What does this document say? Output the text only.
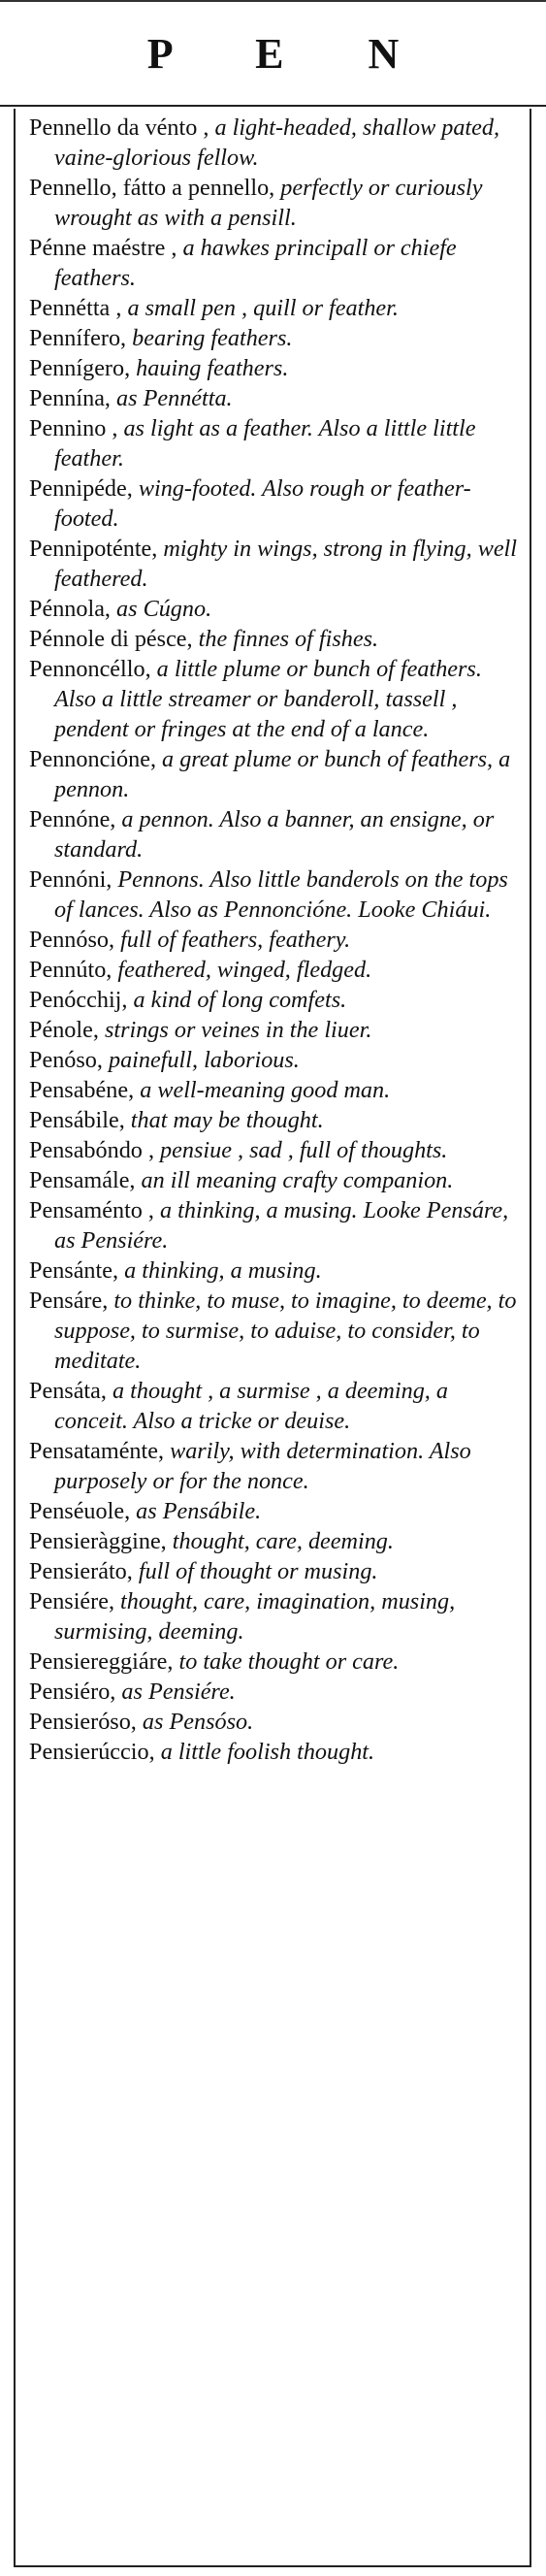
P E N

Pennello da vénto , a light-headed, shallow pated, vaine-glorious fellow.

Pennello, fátto a pennello, perfectly or curiously wrought as with a pensill.

Pénne maéstre , a hawkes principall or chiefe feathers.

Pennétta , a small pen , quill or feather.

Pennífero, bearing feathers.

Pennígero, hauing feathers.

Pennína, as Pennétta.

Pennino , as light as a feather. Also a little little feather.

Pennipéde, wing-footed. Also rough or feather-footed.

Pennipoténte, mighty in wings, strong in flying, well feathered.

Pénnola, as Cúgno.

Pénnole di pésce, the finnes of fishes.

Pennoncéllo, a little plume or bunch of feathers. Also a little streamer or banderoll, tassell , pendent or fringes at the end of a lance.

Pennoncióne, a great plume or bunch of feathers, a pennon.

Pennóne, a pennon. Also a banner, an ensigne, or standard.

Pennóni, Pennons. Also little banderols on the tops of lances. Also as Pennoncióne. Looke Chiáui.

Pennóso, full of feathers, feathery.

Pennúto, feathered, winged, fledged.

Penócchij, a kind of long comfets.

Pénole, strings or veines in the liuer.

Penóso, painefull, laborious.

Pensabéne, a well-meaning good man.

Pensábile, that may be thought.

Pensabóndo , pensiue , sad , full of thoughts.

Pensamále, an ill meaning crafty companion.

Pensaménto , a thinking, a musing. Looke Pensáre, as Pensiére.

Pensánte, a thinking, a musing.

Pensáre, to thinke, to muse, to imagine, to deeme, to suppose, to surmise, to aduise, to consider, to meditate.

Pensáta, a thought , a surmise , a deeming, a conceit. Also a tricke or deuise.

Pensataménte, warily, with determination. Also purposely or for the nonce.

Penséuole, as Pensábile.

Pensieràggine, thought, care, deeming.

Pensieráto, full of thought or musing.

Pensiére, thought, care, imagination, musing, surmising, deeming.

Pensiereggiáre, to take thought or care.

Pensiéro, as Pensiére.

Pensieróso, as Pensóso.

Pensierúccio, a little foolish thought.
